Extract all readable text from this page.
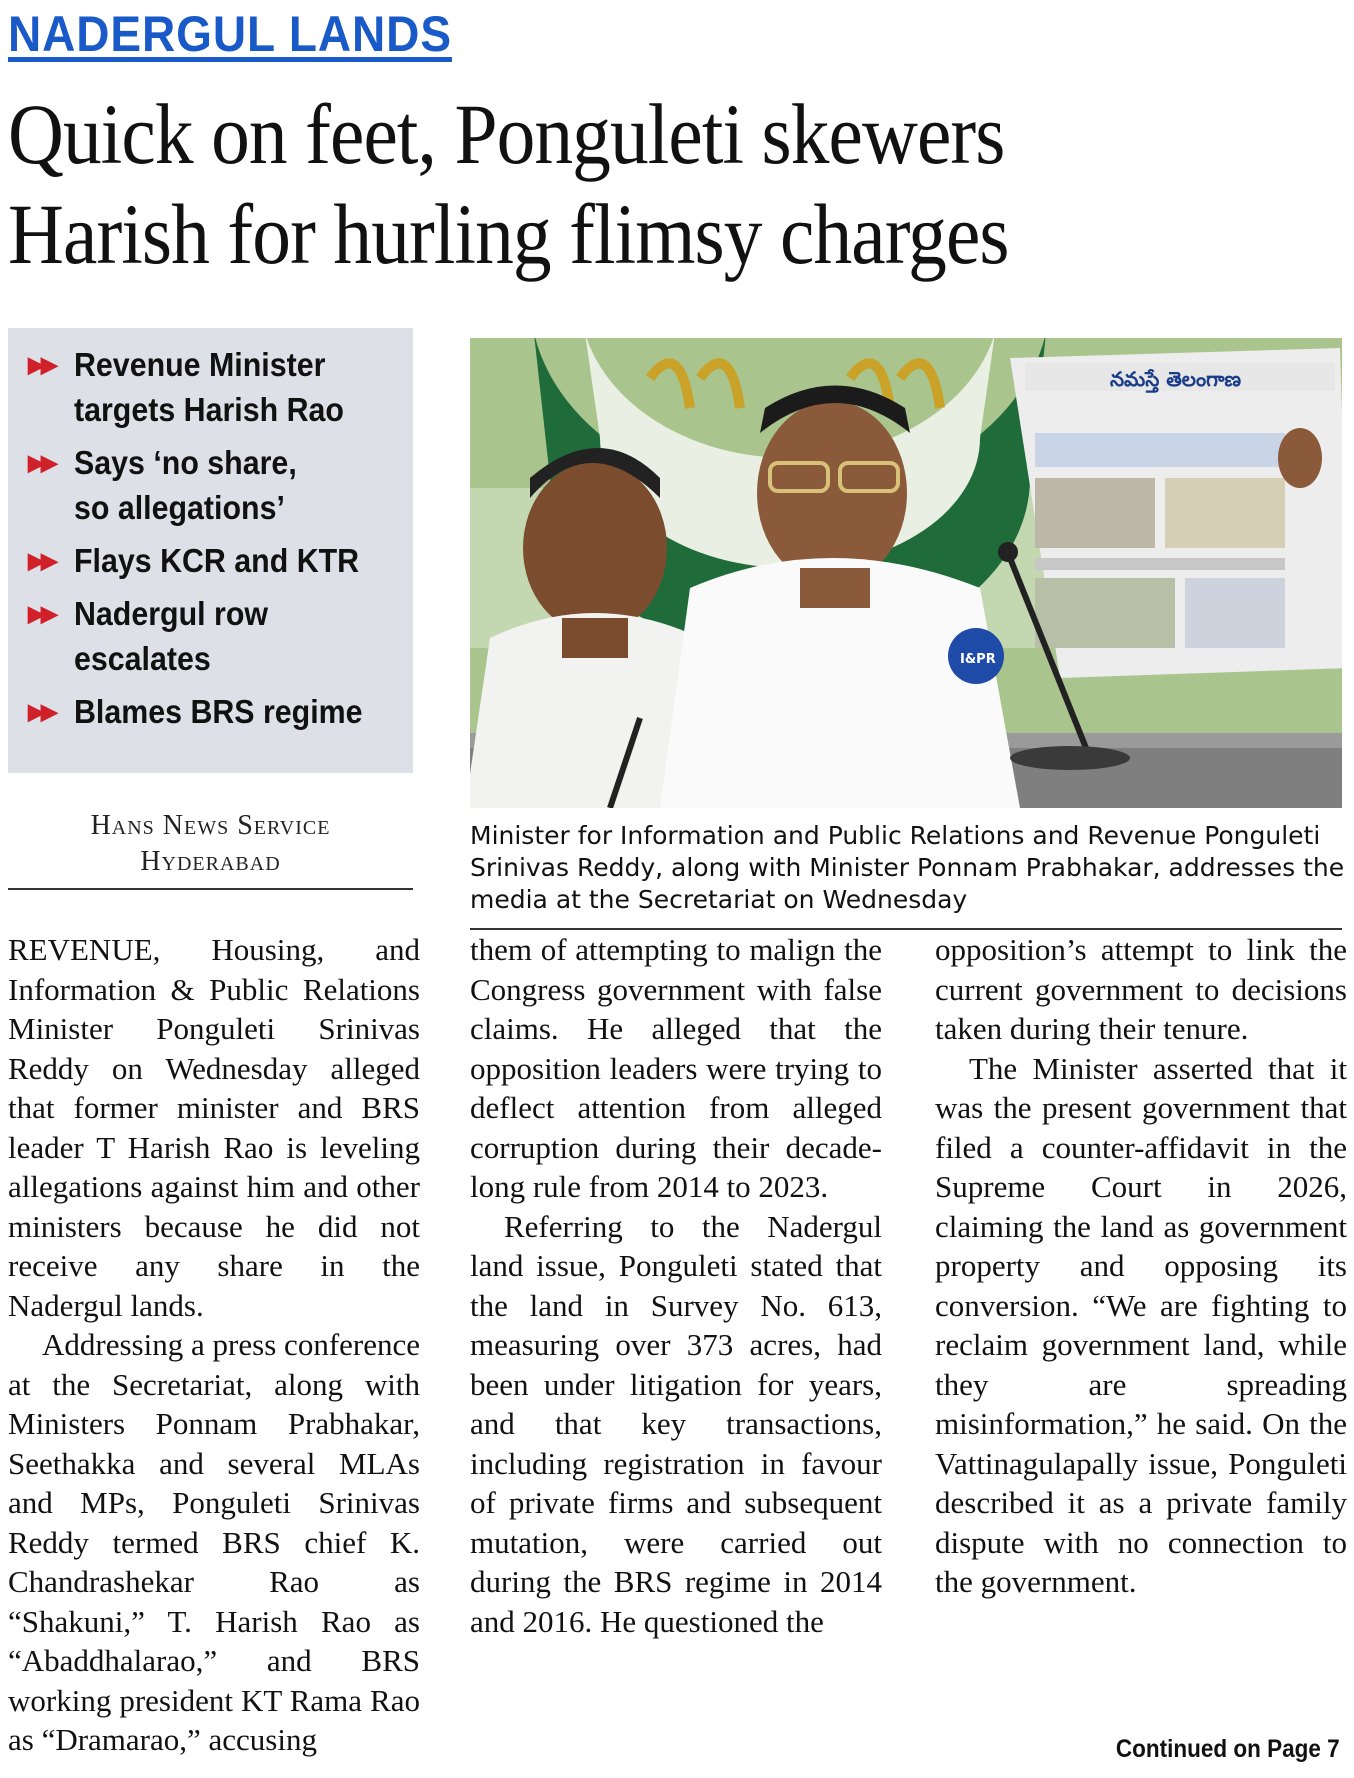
NADERGUL LANDS
Quick on feet, Ponguleti skewers
Harish for hurling flimsy charges
▶▶ Revenue Minister
targets Harish Rao
▶▶ Says ‘no share,
so allegations’
▶▶ Flays KCR and KTR
▶▶ Nadergul row
escalates
▶▶ Blames BRS regime
Hans News Service
Hyderabad
నమస్తే తెలంగాణ
I&PR
Minister for Information and Public Relations and Revenue Ponguleti Srinivas Reddy, along with Minister Ponnam Prabhakar, addresses the media at the Secretariat on Wednesday

REVENUE, Housing, and Information & Public Relations Minister Ponguleti Srinivas Reddy on Wednesday alleged that former minister and BRS leader T Harish Rao is leveling allegations against him and other ministers because he did not receive any share in the Nadergul lands.

Addressing a press conference at the Secretariat, along with Ministers Ponnam Prabhakar, Seethakka and several MLAs and MPs, Ponguleti Srinivas Reddy termed BRS chief K. Chandrashekar Rao as “Shakuni,” T. Harish Rao as “Abaddhalarao,” and BRS working president KT Rama Rao as “Dramarao,” accusing

them of attempting to malign the Congress government with false claims. He alleged that the opposition leaders were trying to deflect attention from alleged corruption during their decade-long rule from 2014 to 2023.

Referring to the Nadergul land issue, Ponguleti stated that the land in Survey No. 613, measuring over 373 acres, had been under litigation for years, and that key transactions, including registration in favour of private firms and subsequent mutation, were carried out during the BRS regime in 2014 and 2016. He questioned the

opposition’s attempt to link the current government to decisions taken during their tenure.

The Minister asserted that it was the present government that filed a counter-affidavit in the Supreme Court in 2026, claiming the land as government property and opposing its conversion. “We are fighting to reclaim government land, while they are spreading misinformation,” he said. On the Vattinagulapally issue, Ponguleti described it as a private family dispute with no connection to the government.

Continued on Page 7
